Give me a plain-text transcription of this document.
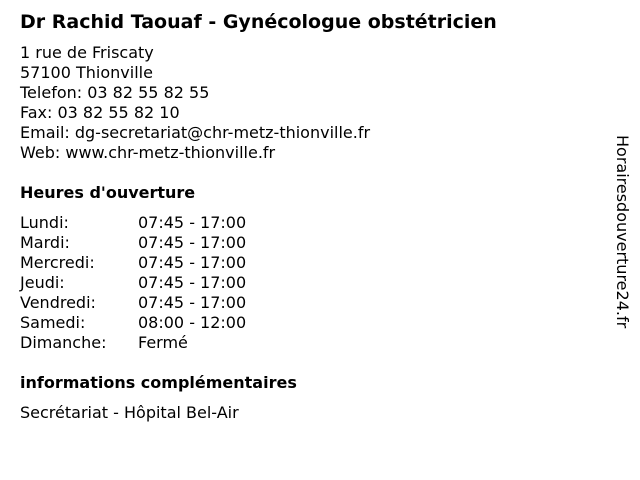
Dr Rachid Taouaf - Gynécologue obstétricien
1 rue de Friscaty
57100 Thionville
Telefon: 03 82 55 82 55
Fax: 03 82 55 82 10
Email: dg-secretariat@chr-metz-thionville.fr
Web: www.chr-metz-thionville.fr
Heures d'ouverture
Lundi:	07:45 - 17:00
Mardi:	07:45 - 17:00
Mercredi:	07:45 - 17:00
Jeudi:	07:45 - 17:00
Vendredi:	07:45 - 17:00
Samedi:	08:00 - 12:00
Dimanche: Fermé
informations complémentaires
Secrétariat - Hôpital Bel-Air
Horairesdouverture24.fr
